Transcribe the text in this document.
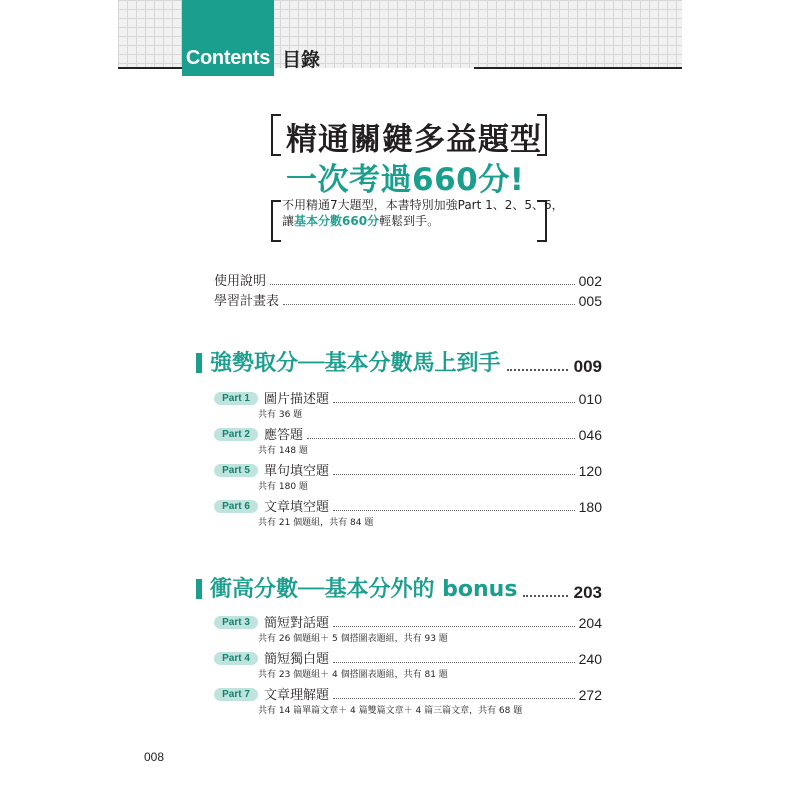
Contents 目錄
精通關鍵多益題型
一次考過660分!
不用精通7大題型，本書特別加強Part 1、2、5、6，
讓基本分數660分輕鬆到手。
使用說明	002
學習計畫表	005
強勢取分──基本分數馬上到手	009
Part 1	圖片描述題	010
共有 36 題
Part 2	應答題	046
共有 148 題
Part 5	單句填空題	120
共有 180 題
Part 6	文章填空題	180
共有 21 個題組，共有 84 題
衝高分數──基本分外的 bonus	203
Part 3	簡短對話題	204
共有 26 個題組＋ 5 個搭圖表題組，共有 93 題
Part 4	簡短獨白題	240
共有 23 個題組＋ 4 個搭圖表題組，共有 81 題
Part 7	文章理解題	272
共有 14 篇單篇文章＋ 4 篇雙篇文章＋ 4 篇三篇文章，共有 68 題
008
